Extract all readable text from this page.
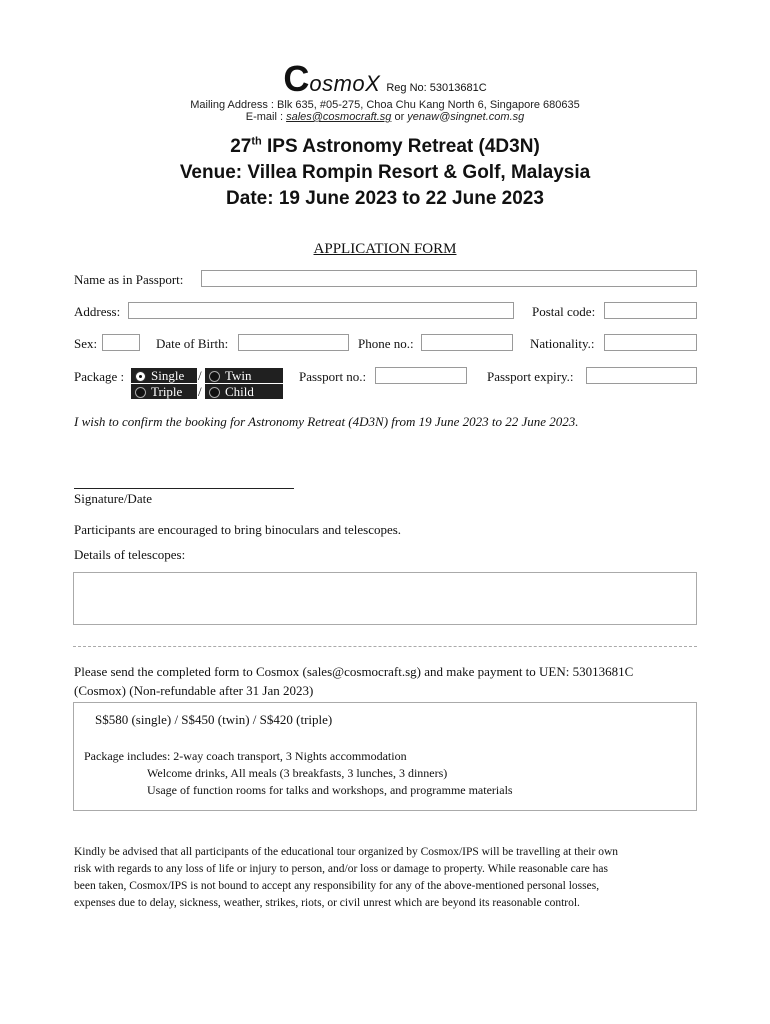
CosmoX Reg No: 53013681C
Mailing Address : Blk 635, #05-275, Choa Chu Kang North 6, Singapore 680635
E-mail : sales@cosmocraft.sg or yenaw@singnet.com.sg
27th IPS Astronomy Retreat (4D3N)
Venue: Villea Rompin Resort & Golf, Malaysia
Date: 19 June 2023 to 22 June 2023
APPLICATION FORM
Name as in Passport:
Address:	Postal code:
Sex:	Date of Birth:	Phone no.:	Nationality.:
Package :	Single	/	Twin
Triple	/	Child
Passport no.:	Passport expiry.:
I wish to confirm the booking for Astronomy Retreat (4D3N) from 19 June 2023 to 22 June 2023.
Signature/Date
Participants are encouraged to bring binoculars and telescopes.
Details of telescopes:
Please send the completed form to Cosmox (sales@cosmocraft.sg) and make payment to UEN: 53013681C
(Cosmox) (Non-refundable after 31 Jan 2023)
S$580 (single) / S$450 (twin) / S$420 (triple)
Package includes: 2-way coach transport, 3 Nights accommodation
Welcome drinks, All meals (3 breakfasts, 3 lunches, 3 dinners)
Usage of function rooms for talks and workshops, and programme materials
Kindly be advised that all participants of the educational tour organized by Cosmox/IPS will be travelling at their own
risk with regards to any loss of life or injury to person, and/or loss or damage to property. While reasonable care has
been taken, Cosmox/IPS is not bound to accept any responsibility for any of the above-mentioned personal losses,
expenses due to delay, sickness, weather, strikes, riots, or civil unrest which are beyond its reasonable control.
